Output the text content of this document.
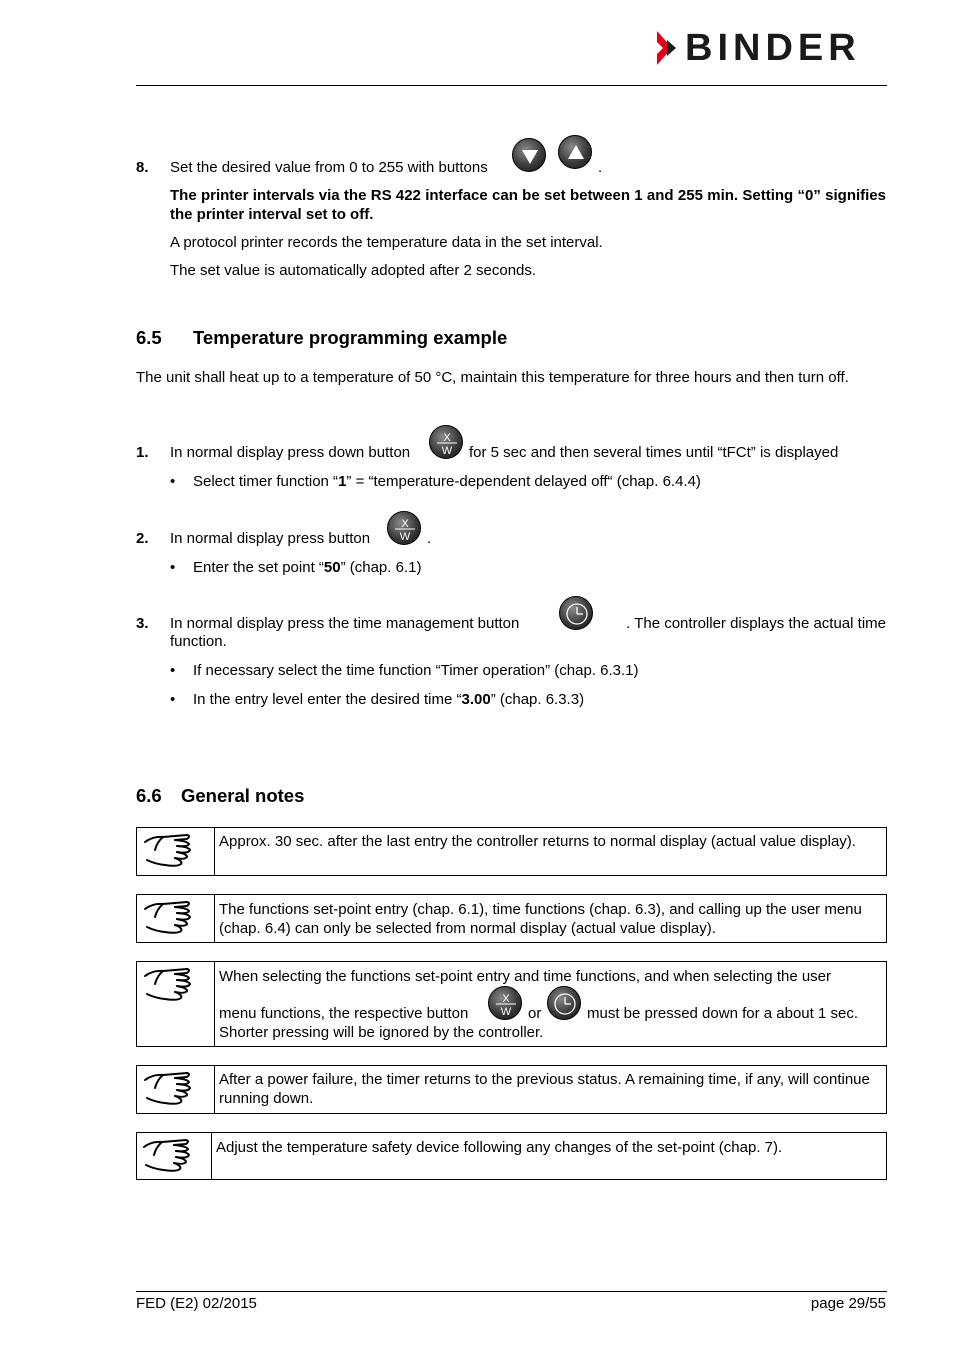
BINDER
8. Set the desired value from 0 to 255 with buttons	.
The printer intervals via the RS 422 interface can be set between 1 and 255 min. Setting “0” signifies the printer interval set to off.
A protocol printer records the temperature data in the set interval.
The set value is automatically adopted after 2 seconds.
6.5 Temperature programming example
The unit shall heat up to a temperature of 50 °C, maintain this temperature for three hours and then turn off.
1. In normal display press down button
X
W for 5 sec and then several times until “tFCt” is displayed
• Select timer function “1” = “temperature-dependent delayed off“ (chap. 6.4.4)
2. In normal display press button
X
W .
• Enter the set point “50” (chap. 6.1)
3. In normal display press the time management button	. The controller displays the actual time
function.
• If necessary select the time function “Timer operation” (chap. 6.3.1)
• In the entry level enter the desired time “3.00” (chap. 6.3.3)
6.6 General notes
Approx. 30 sec. after the last entry the controller returns to normal display (actual value display).
The functions set-point entry (chap. 6.1), time functions (chap. 6.3), and calling up the user menu (chap. 6.4) can only be selected from normal display (actual value display).
When selecting the functions set-point entry and time functions, and when selecting the user
menu functions, the respective button
X
W or	must be pressed down for a about 1 sec.
Shorter pressing will be ignored by the controller.
After a power failure, the timer returns to the previous status. A remaining time, if any, will continue running down.
Adjust the temperature safety device following any changes of the set-point (chap. 7).
FED (E2) 02/2015	page 29/55
